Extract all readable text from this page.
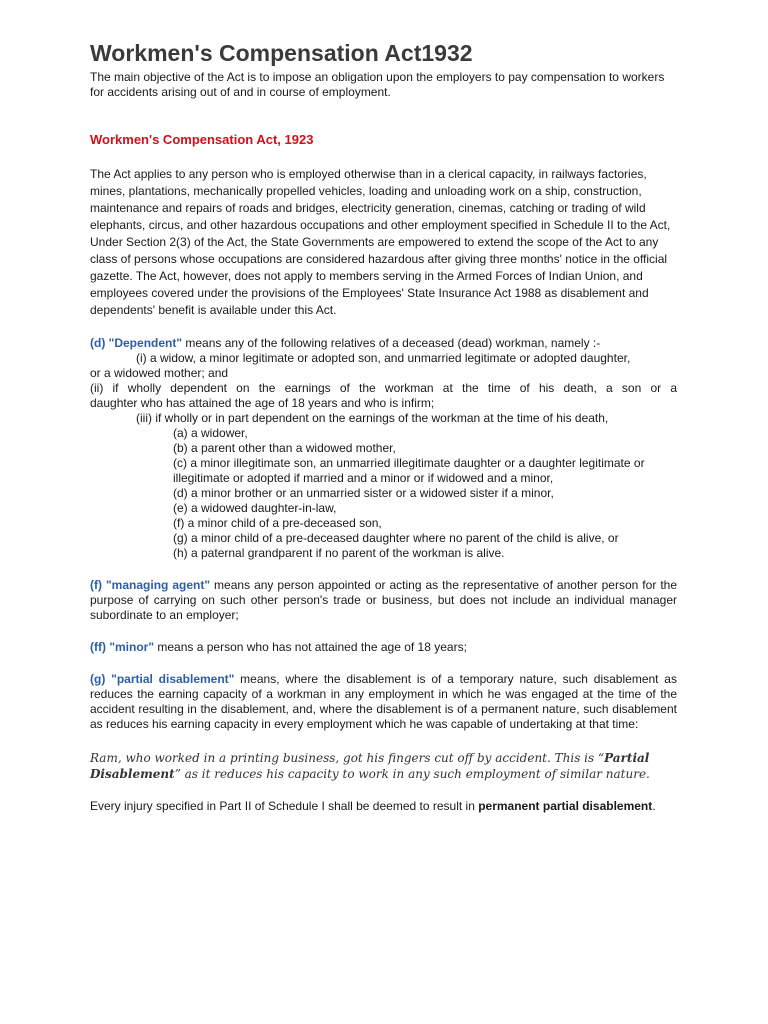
Workmen's Compensation Act1932

The main objective of the Act is to impose an obligation upon the employers to pay compensation to workers for accidents arising out of and in course of employment.

Workmen's Compensation Act, 1923

The Act applies to any person who is employed otherwise than in a clerical capacity, in railways factories, mines, plantations, mechanically propelled vehicles, loading and unloading work on a ship, construction, maintenance and repairs of roads and bridges, electricity generation, cinemas, catching or trading of wild elephants, circus, and other hazardous occupations and other employment specified in Schedule II to the Act, Under Section 2(3) of the Act, the State Governments are empowered to extend the scope of the Act to any class of persons whose occupations are considered hazardous after giving three months' notice in the official gazette. The Act, however, does not apply to members serving in the Armed Forces of Indian Union, and employees covered under the provisions of the Employees' State Insurance Act 1988 as disablement and dependents' benefit is available under this Act.

(d) "Dependent" means any of the following relatives of a deceased (dead) workman, namely :-
(i) a widow, a minor legitimate or adopted son, and unmarried legitimate or adopted daughter,
or a widowed mother; and
(ii) if wholly dependent on the earnings of the workman at the time of his death, a son or a
daughter who has attained the age of 18 years and who is infirm;
(iii) if wholly or in part dependent on the earnings of the workman at the time of his death,
(a) a widower,
(b) a parent other than a widowed mother,
(c) a minor illegitimate son, an unmarried illegitimate daughter or a daughter legitimate or illegitimate or adopted if married and a minor or if widowed and a minor,
(d) a minor brother or an unmarried sister or a widowed sister if a minor,
(e) a widowed daughter-in-law,
(f) a minor child of a pre-deceased son,
(g) a minor child of a pre-deceased daughter where no parent of the child is alive, or
(h) a paternal grandparent if no parent of the workman is alive.
(f) "managing agent" means any person appointed or acting as the representative of another person for the purpose of carrying on such other person's trade or business, but does not include an individual manager subordinate to an employer;
(ff) "minor" means a person who has not attained the age of 18 years;
(g) "partial disablement" means, where the disablement is of a temporary nature, such disablement as reduces the earning capacity of a workman in any employment in which he was engaged at the time of the accident resulting in the disablement, and, where the disablement is of a permanent nature, such disablement as reduces his earning capacity in every employment which he was capable of undertaking at that time:
Ram, who worked in a printing business, got his fingers cut off by accident. This is “Partial Disablement” as it reduces his capacity to work in any such employment of similar nature.
Every injury specified in Part II of Schedule I shall be deemed to result in permanent partial disablement.
